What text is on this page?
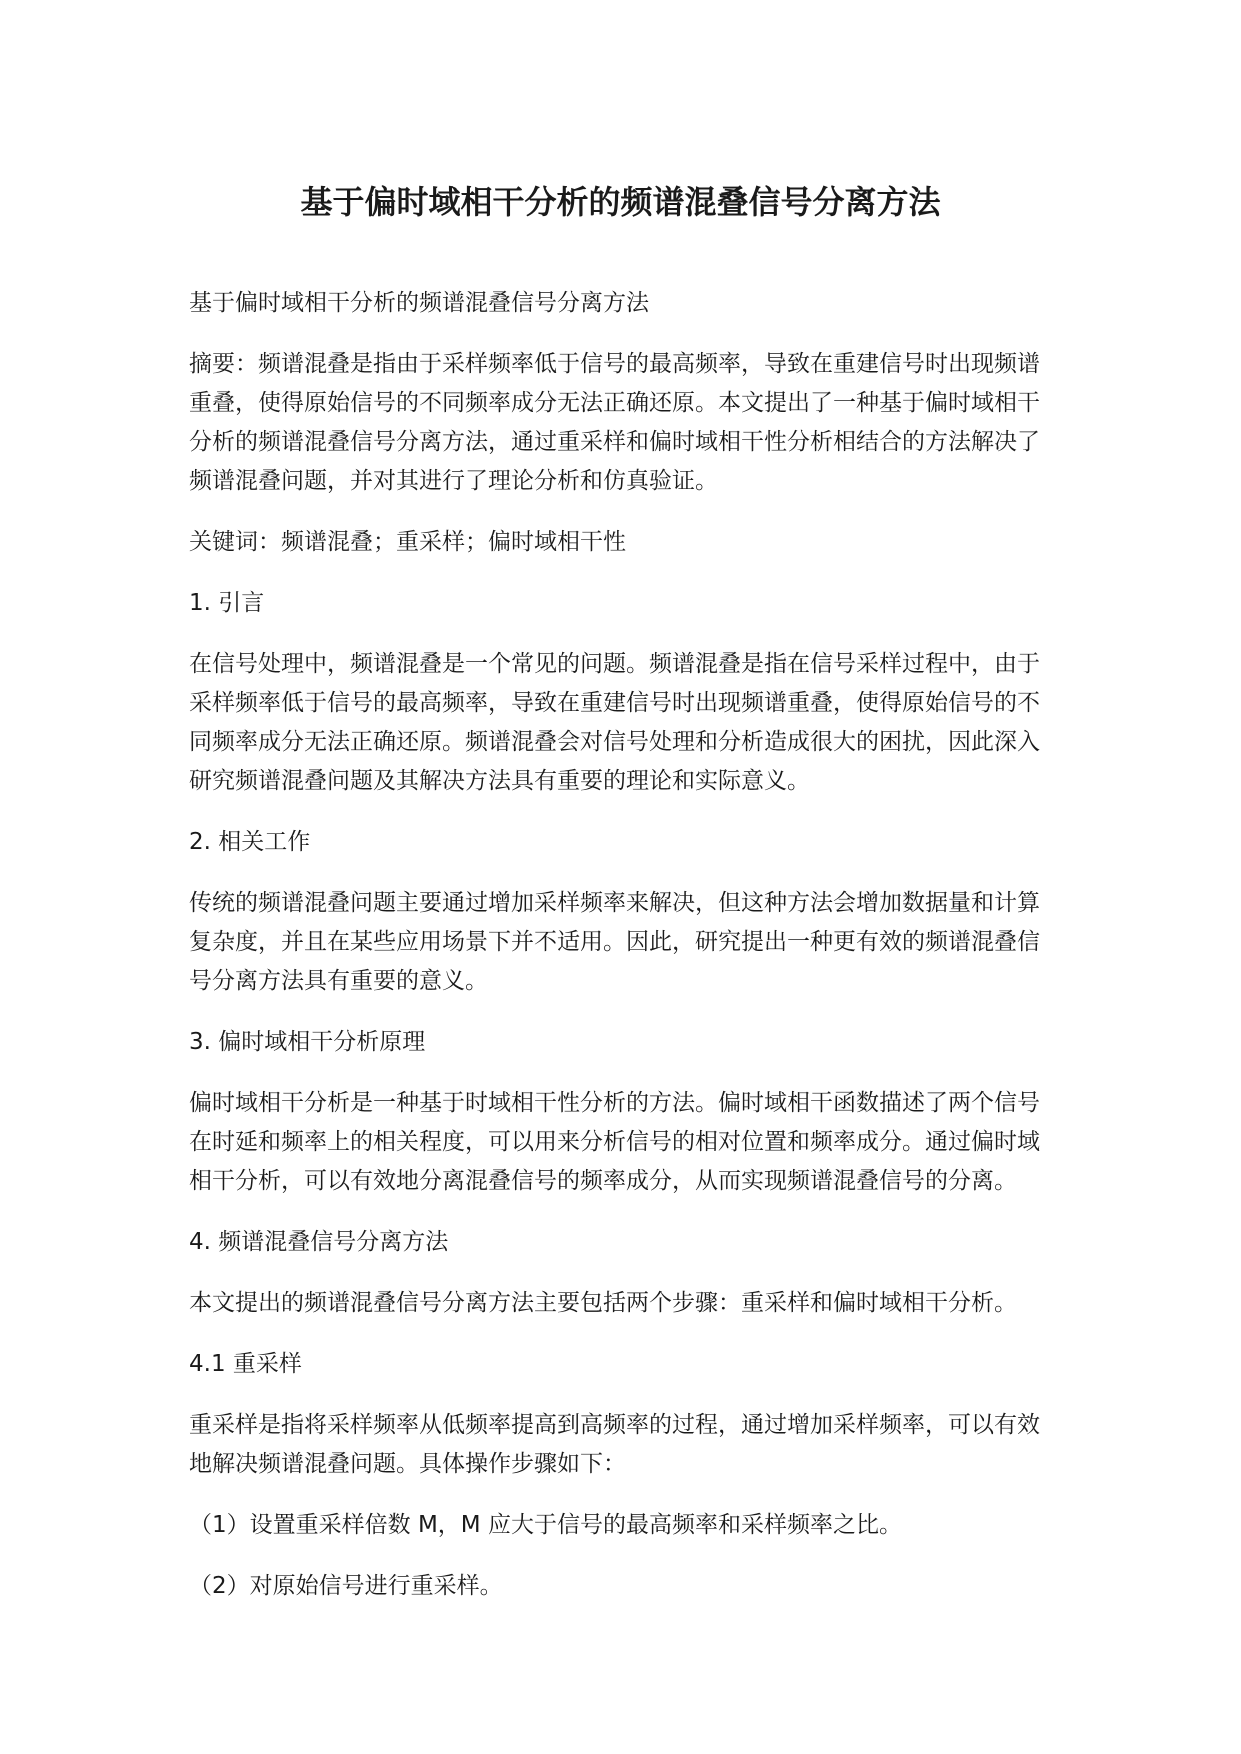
基于偏时域相干分析的频谱混叠信号分离方法

基于偏时域相干分析的频谱混叠信号分离方法

摘要：频谱混叠是指由于采样频率低于信号的最高频率，导致在重建信号时出现频谱重叠，使得原始信号的不同频率成分无法正确还原。本文提出了一种基于偏时域相干分析的频谱混叠信号分离方法，通过重采样和偏时域相干性分析相结合的方法解决了频谱混叠问题，并对其进行了理论分析和仿真验证。

关键词：频谱混叠；重采样；偏时域相干性

1. 引言

在信号处理中，频谱混叠是一个常见的问题。频谱混叠是指在信号采样过程中，由于采样频率低于信号的最高频率，导致在重建信号时出现频谱重叠，使得原始信号的不同频率成分无法正确还原。频谱混叠会对信号处理和分析造成很大的困扰，因此深入研究频谱混叠问题及其解决方法具有重要的理论和实际意义。

2. 相关工作

传统的频谱混叠问题主要通过增加采样频率来解决，但这种方法会增加数据量和计算复杂度，并且在某些应用场景下并不适用。因此，研究提出一种更有效的频谱混叠信号分离方法具有重要的意义。

3. 偏时域相干分析原理

偏时域相干分析是一种基于时域相干性分析的方法。偏时域相干函数描述了两个信号在时延和频率上的相关程度，可以用来分析信号的相对位置和频率成分。通过偏时域相干分析，可以有效地分离混叠信号的频率成分，从而实现频谱混叠信号的分离。

4. 频谱混叠信号分离方法

本文提出的频谱混叠信号分离方法主要包括两个步骤：重采样和偏时域相干分析。

4.1 重采样

重采样是指将采样频率从低频率提高到高频率的过程，通过增加采样频率，可以有效地解决频谱混叠问题。具体操作步骤如下：

（1）设置重采样倍数 M，M 应大于信号的最高频率和采样频率之比。

（2）对原始信号进行重采样。
